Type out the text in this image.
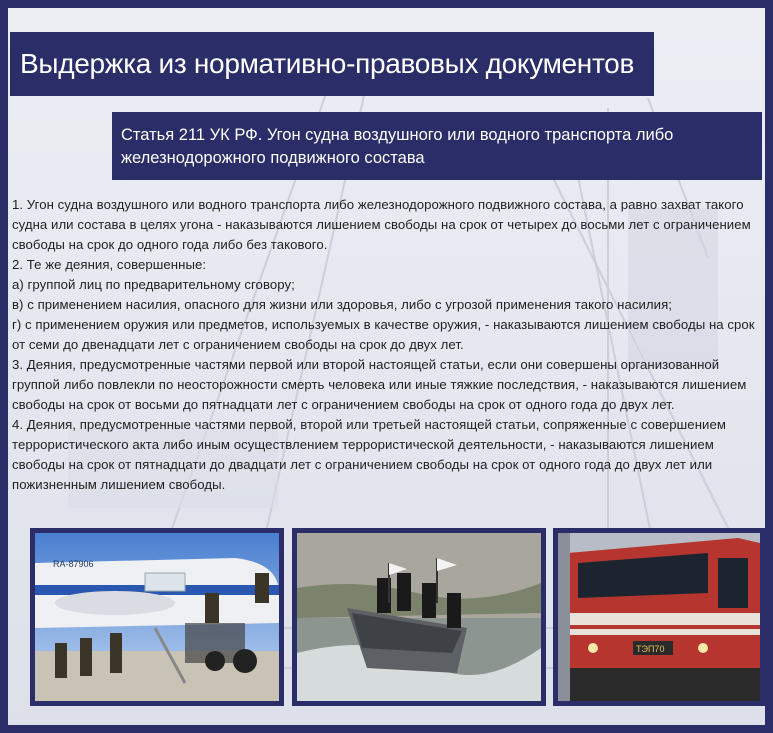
Выдержка из нормативно-правовых документов
Статья 211 УК РФ. Угон судна воздушного или водного транспорта либо железнодорожного подвижного состава

1. Угон судна воздушного или водного транспорта либо железнодорожного подвижного состава, а равно захват такого судна или состава в целях угона - наказываются лишением свободы на срок от четырех до восьми лет с ограничением свободы на срок до одного года либо без такового.

2. Те же деяния, совершенные:

а) группой лиц по предварительному сговору;

в) с применением насилия, опасного для жизни или здоровья, либо с угрозой применения такого насилия;

г) с применением оружия или предметов, используемых в качестве оружия, - наказываются лишением свободы на срок от семи до двенадцати лет с ограничением свободы на срок до двух лет.

3. Деяния, предусмотренные частями первой или второй настоящей статьи, если они совершены организованной группой либо повлекли по неосторожности смерть человека или иные тяжкие последствия, - наказываются лишением свободы на срок от восьми до пятнадцати лет с ограничением свободы на срок от одного года до двух лет.

4. Деяния, предусмотренные частями первой, второй или третьей настоящей статьи, сопряженные с совершением террористического акта либо иным осуществлением террористической деятельности, - наказываются лишением свободы на срок от пятнадцати до двадцати лет с ограничением свободы на срок от одного года до двух лет или пожизненным лишением свободы.

RA-87906
TЭП70
